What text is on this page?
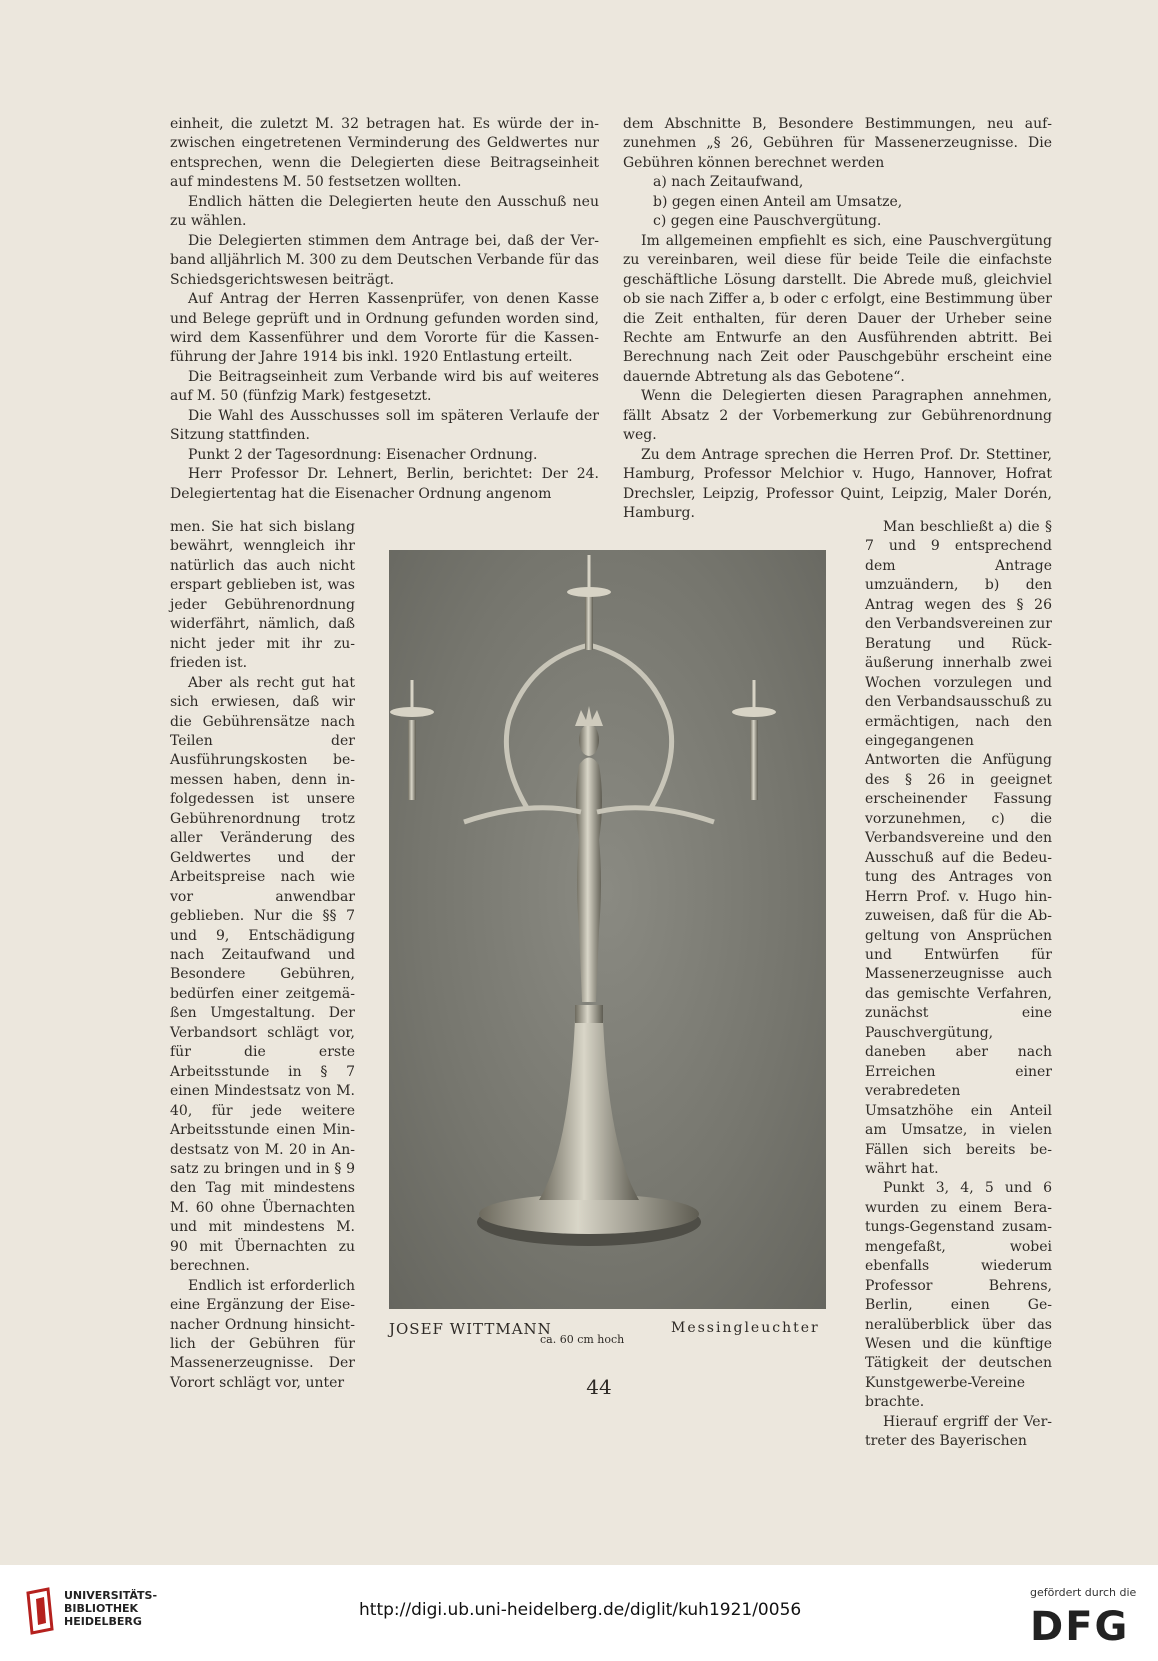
einheit, die zuletzt M. 32 betragen hat. Es würde der inzwischen eingetretenen Verminderung des Geldwertes nur entsprechen, wenn die Delegierten diese Beitragseinheit auf mindestens M. 50 festsetzen wollten.

Endlich hätten die Delegierten heute den Ausschuß neu zu wählen.

Die Delegierten stimmen dem Antrage bei, daß der Verband alljährlich M. 300 zu dem Deutschen Verbande für das Schiedsgerichtswesen beiträgt.

Auf Antrag der Herren Kassenprüfer, von denen Kasse und Belege geprüft und in Ordnung gefunden worden sind, wird dem Kassenführer und dem Vororte für die Kassenführung der Jahre 1914 bis inkl. 1920 Entlastung erteilt.

Die Beitragseinheit zum Verbande wird bis auf weiteres auf M. 50 (fünfzig Mark) festgesetzt.

Die Wahl des Ausschusses soll im späteren Verlaufe der Sitzung stattfinden.

Punkt 2 der Tagesordnung: Eisenacher Ordnung.

Herr Professor Dr. Lehnert, Berlin, berichtet: Der 24. Delegiertentag hat die Eisenacher Ordnung angenom

men. Sie hat sich bislang bewährt, wenngleich ihr natürlich das auch nicht erspart geblieben ist, was jeder Gebührenordnung widerfährt, nämlich, daß nicht jeder mit ihr zufrieden ist.

Aber als recht gut hat sich erwiesen, daß wir die Gebührensätze nach Teilen der Ausführungskosten bemessen haben, denn infolgedessen ist unsere Gebührenordnung trotz aller Veränderung des Geldwertes und der Arbeitspreise nach wie vor anwendbar geblieben. Nur die §§ 7 und 9, Entschädigung nach Zeitaufwand und Besondere Gebühren, bedürfen einer zeitgemäßen Umgestaltung. Der Verbandsort schlägt vor, für die erste Arbeitsstunde in § 7 einen Mindestsatz von M. 40, für jede weitere Arbeitsstunde einen Mindestsatz von M. 20 in Ansatz zu bringen und in § 9 den Tag mit mindestens M. 60 ohne Übernachten und mit mindestens M. 90 mit Übernachten zu berechnen.

Endlich ist erforderlich eine Ergänzung der Eisenacher Ordnung hinsichtlich der Gebühren für Massenerzeugnisse. Der Vorort schlägt vor, unter

dem Abschnitte B, Besondere Bestimmungen, neu aufzunehmen „§ 26, Gebühren für Massenerzeugnisse. Die Gebühren können berechnet werden

a) nach Zeitaufwand,

b) gegen einen Anteil am Umsatze,

c) gegen eine Pauschvergütung.

Im allgemeinen empfiehlt es sich, eine Pauschvergütung zu vereinbaren, weil diese für beide Teile die einfachste geschäftliche Lösung darstellt. Die Abrede muß, gleichviel ob sie nach Ziffer a, b oder c erfolgt, eine Bestimmung über die Zeit enthalten, für deren Dauer der Urheber seine Rechte am Entwurfe an den Ausführenden abtritt. Bei Berechnung nach Zeit oder Pauschgebühr erscheint eine dauernde Abtretung als das Gebotene“.

Wenn die Delegierten diesen Paragraphen annehmen, fällt Absatz 2 der Vorbemerkung zur Gebührenordnung weg.

Zu dem Antrage sprechen die Herren Prof. Dr. Stettiner, Hamburg, Professor Melchior v. Hugo, Hannover, Hofrat Drechsler, Leipzig, Professor Quint, Leipzig, Maler Dorén, Hamburg.

Man beschließt a) die § 7 und 9 entsprechend dem Antrage umzuändern, b) den Antrag wegen des § 26 den Verbandsvereinen zur Beratung und Rückäußerung innerhalb zwei Wochen vorzulegen und den Verbandsausschuß zu ermächtigen, nach den eingegangenen Antworten die Anfügung des § 26 in geeignet erscheinender Fassung vorzunehmen, c) die Verbandsvereine und den Ausschuß auf die Bedeutung des Antrages von Herrn Prof. v. Hugo hinzuweisen, daß für die Abgeltung von Ansprüchen und Entwürfen für Massenerzeugnisse auch das gemischte Verfahren, zunächst eine Pauschvergütung, daneben aber nach Erreichen einer verabredeten Umsatzhöhe ein Anteil am Umsatze, in vielen Fällen sich bereits bewährt hat.

Punkt 3, 4, 5 und 6 wurden zu einem Beratungs-Gegenstand zusammengefaßt, wobei ebenfalls wiederum Professor Behrens, Berlin, einen Generalüberblick über das Wesen und die künftige Tätigkeit der deutschen Kunstgewerbe-Vereine brachte.

Hierauf ergriff der Vertreter des Bayerischen

JOSEF WITTMANN
ca. 60 cm hoch
Messingleuchter
44
UNIVERSITÄTS-
BIBLIOTHEK
HEIDELBERG
http://digi.ub.uni-heidelberg.de/diglit/kuh1921/0056
gefördert durch die
DFG
